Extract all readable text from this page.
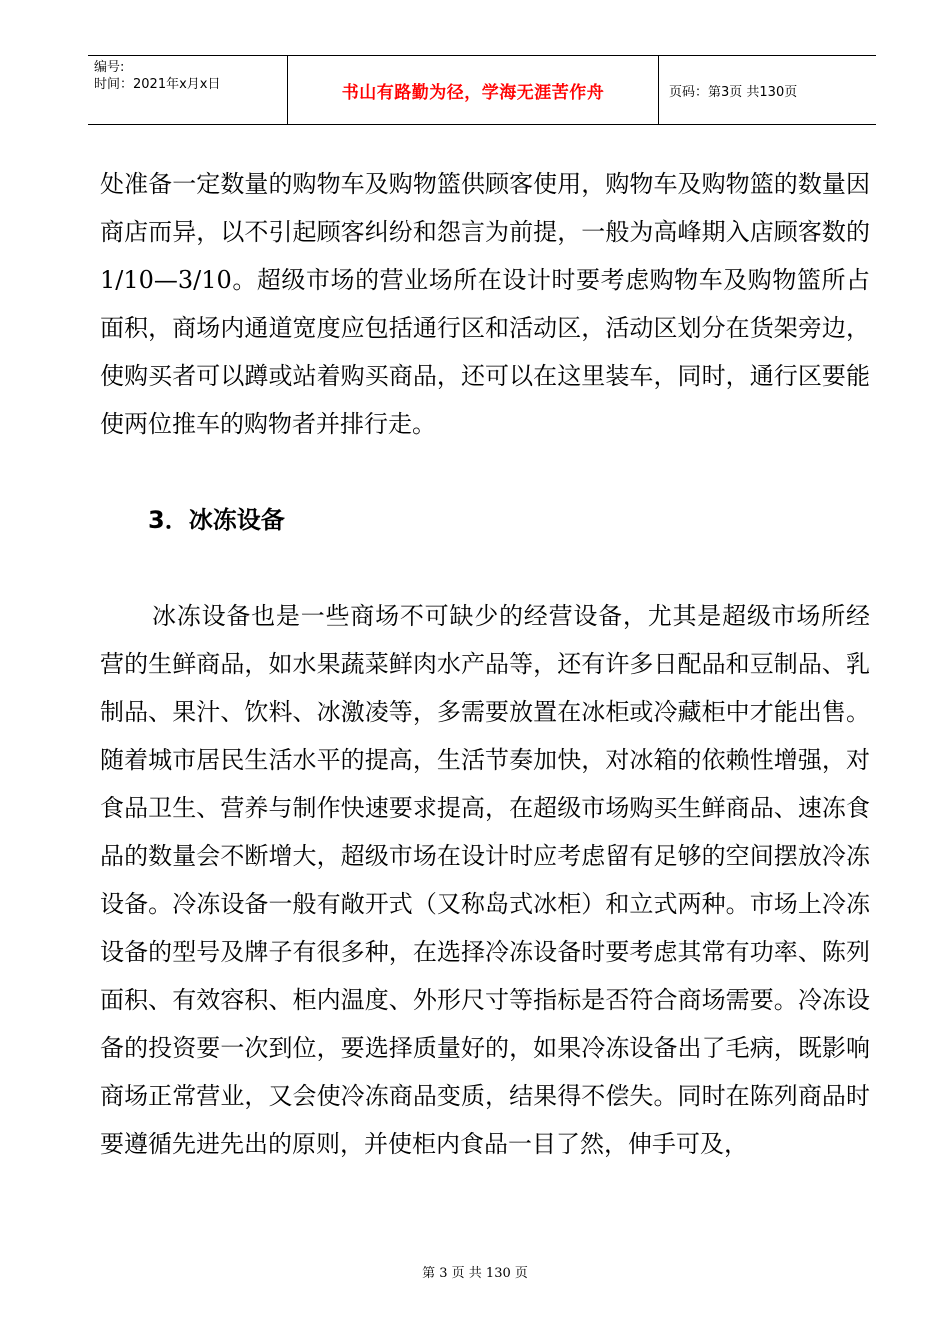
编号:
时间：2021年x月x日	书山有路勤为径，学海无涯苦作舟	页码：第3页 共130页

处准备一定数量的购物车及购物篮供顾客使用，购物车及购物篮的数量因商店而异，以不引起顾客纠纷和怨言为前提，一般为高峰期入店顾客数的1/10—3/10。超级市场的营业场所在设计时要考虑购物车及购物篮所占面积，商场内通道宽度应包括通行区和活动区，活动区划分在货架旁边，使购买者可以蹲或站着购买商品，还可以在这里装车，同时，通行区要能使两位推车的购物者并排行走。

3．冰冻设备

冰冻设备也是一些商场不可缺少的经营设备，尤其是超级市场所经营的生鲜商品，如水果蔬菜鲜肉水产品等，还有许多日配品和豆制品、乳制品、果汁、饮料、冰激凌等，多需要放置在冰柜或冷藏柜中才能出售。随着城市居民生活水平的提高，生活节奏加快，对冰箱的依赖性增强，对食品卫生、营养与制作快速要求提高，在超级市场购买生鲜商品、速冻食品的数量会不断增大，超级市场在设计时应考虑留有足够的空间摆放冷冻设备。冷冻设备一般有敞开式（又称岛式冰柜）和立式两种。市场上冷冻设备的型号及牌子有很多种，在选择冷冻设备时要考虑其常有功率、陈列面积、有效容积、柜内温度、外形尺寸等指标是否符合商场需要。冷冻设备的投资要一次到位，要选择质量好的，如果冷冻设备出了毛病，既影响商场正常营业，又会使冷冻商品变质，结果得不偿失。同时在陈列商品时要遵循先进先出的原则，并使柜内食品一目了然，伸手可及，

第 3 页 共 130 页
